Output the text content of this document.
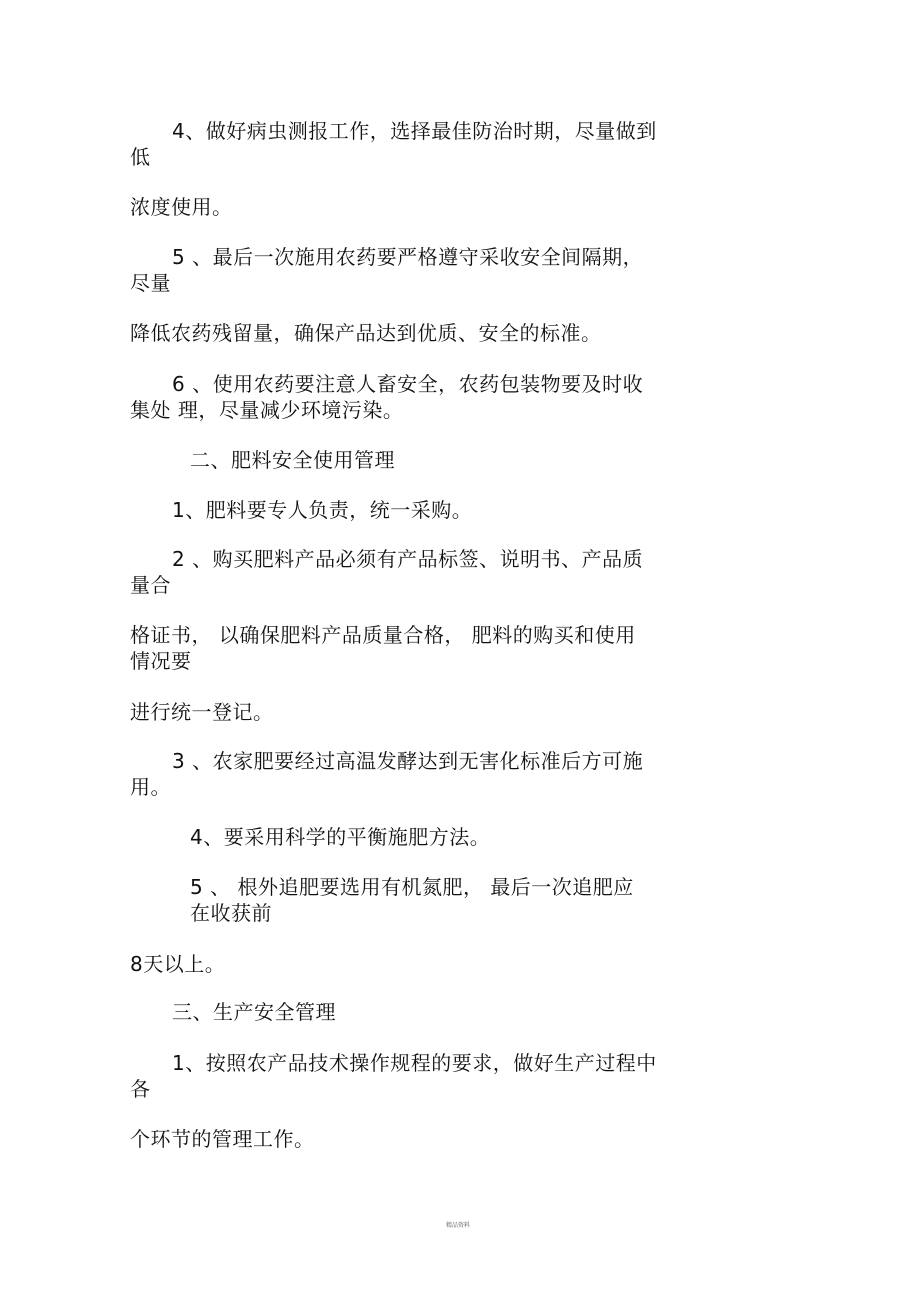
4、做好病虫测报工作，选择最佳防治时期，尽量做到
低
浓度使用。
5 、最后一次施用农药要严格遵守采收安全间隔期，
尽量
降低农药残留量，确保产品达到优质、安全的标准。
6 、使用农药要注意人畜安全，农药包装物要及时收
集处 理，尽量减少环境污染。
二、肥料安全使用管理
1、肥料要专人负责，统一采购。
2 、购买肥料产品必须有产品标签、说明书、产品质
量合
格证书， 以确保肥料产品质量合格， 肥料的购买和使用
情况要
进行统一登记。
3 、农家肥要经过高温发酵达到无害化标准后方可施
用。
4、要采用科学的平衡施肥方法。
5 、 根外追肥要选用有机氮肥， 最后一次追肥应
在收获前
8天以上。
三、生产安全管理
1、按照农产品技术操作规程的要求，做好生产过程中
各
个环节的管理工作。
精品资料
